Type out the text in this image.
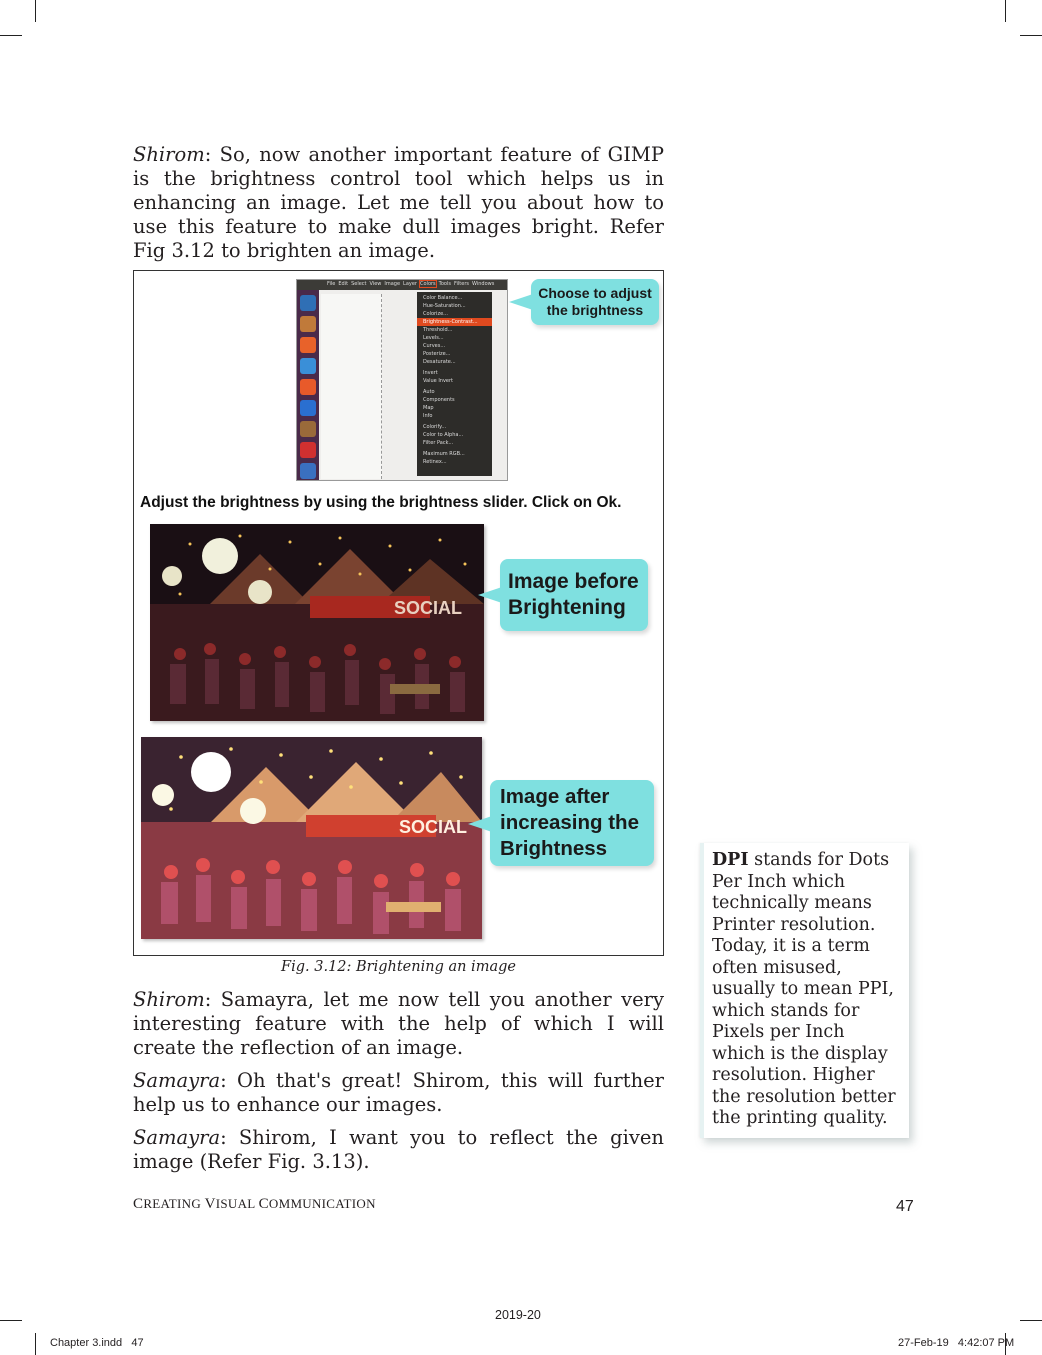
Shirom: So, now another important feature of GIMP is the brightness control tool which helps us in enhancing an image. Let me tell you about how to use this feature to make dull images bright. Refer Fig 3.12 to brighten an image.

File Edit Select View Image Layer Colors Tools Filters Windows
Color Balance...
Hue-Saturation...
Colorize...
Brightness-Contrast...
Threshold...
Levels...
Curves...
Posterize...
Desaturate...
Invert
Value Invert
Auto
Components
Map
Info
Colorify...
Color to Alpha...
Filter Pack...
Maximum RGB...
Retinex...
Choose to adjust the brightness
Adjust the brightness by using the brightness slider. Click on Ok.
SOCIAL
Image before Brightening
SOCIAL
Image after increasing the Brightness
Fig. 3.12: Brightening an image

Shirom: Samayra, let me now tell you another very interesting feature with the help of which I will create the reflection of an image.

Samayra: Oh that's great! Shirom, this will further help us to enhance our images.

Samayra: Shirom, I want you to reflect the given image (Refer Fig. 3.13).

DPI stands for Dots Per Inch which technically means Printer resolution. Today, it is a term often misused, usually to mean PPI, which stands for Pixels per Inch which is the display resolution. Higher the resolution better the printing quality.

CREATING VISUAL COMMUNICATION	47
2019-20
Chapter 3.indd   47	27-Feb-19   4:42:07 PM
